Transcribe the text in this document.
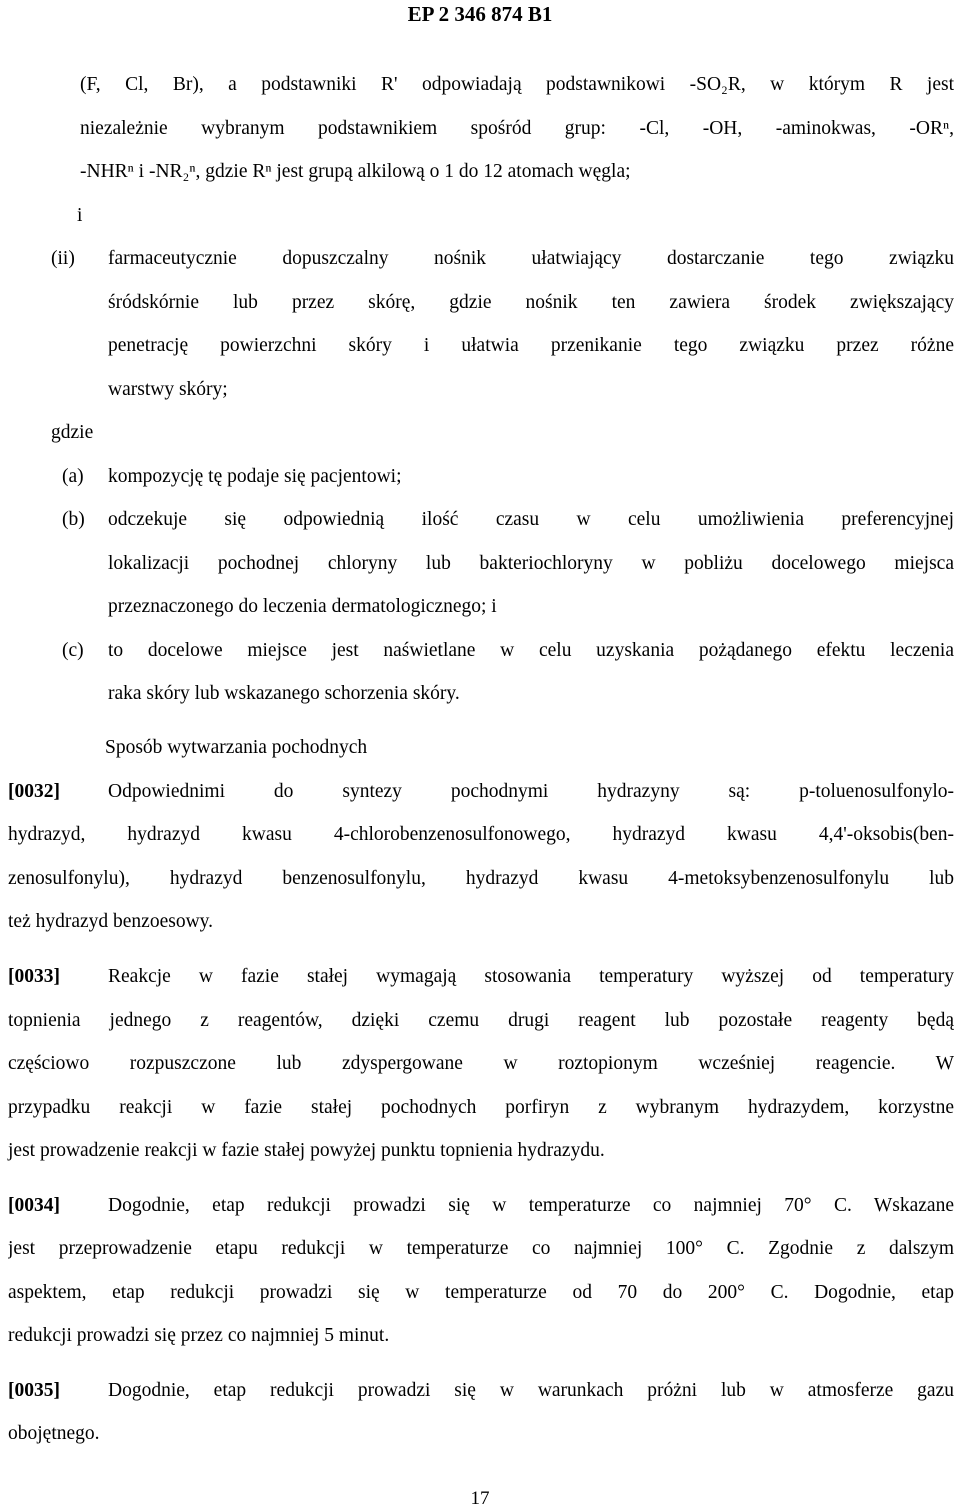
EP 2 346 874 B1
(F, Cl, Br), a podstawniki R' odpowiadają podstawnikowi -SO₂R, w którym R jest
niezależnie wybranym podstawnikiem spośród grup: -Cl, -OH, -aminokwas, -ORⁿ,
-NHRⁿ i -NR₂ⁿ, gdzie Rⁿ jest grupą alkilową o 1 do 12 atomach węgla;
i
(ii) farmaceutycznie dopuszczalny nośnik ułatwiający dostarczanie tego związku
śródskórnie lub przez skórę, gdzie nośnik ten zawiera środek zwiększający
penetrację powierzchni skóry i ułatwia przenikanie tego związku przez różne
warstwy skóry;
gdzie
(a) kompozycję tę podaje się pacjentowi;
(b) odczekuje się odpowiednią ilość czasu w celu umożliwienia preferencyjnej
lokalizacji pochodnej chloryny lub bakteriochloryny w pobliżu docelowego miejsca
przeznaczonego do leczenia dermatologicznego; i
(c) to docelowe miejsce jest naświetlane w celu uzyskania pożądanego efektu leczenia
raka skóry lub wskazanego schorzenia skóry.
Sposób wytwarzania pochodnych
[0032] Odpowiednimi do syntezy pochodnymi hydrazyny są: p-toluenosulfonylo-
hydrazyd, hydrazyd kwasu 4-chlorobenzenosulfonowego, hydrazyd kwasu 4,4'-oksobis(ben-
zenosulfonylu), hydrazyd benzenosulfonylu, hydrazyd kwasu 4-metoksybenzenosulfonylu lub
też hydrazyd benzoesowy.
[0033] Reakcje w fazie stałej wymagają stosowania temperatury wyższej od temperatury
topnienia jednego z reagentów, dzięki czemu drugi reagent lub pozostałe reagenty będą
częściowo rozpuszczone lub zdyspergowane w roztopionym wcześniej reagencie. W
przypadku reakcji w fazie stałej pochodnych porfiryn z wybranym hydrazydem, korzystne
jest prowadzenie reakcji w fazie stałej powyżej punktu topnienia hydrazydu.
[0034] Dogodnie, etap redukcji prowadzi się w temperaturze co najmniej 70° C. Wskazane
jest przeprowadzenie etapu redukcji w temperaturze co najmniej 100° C. Zgodnie z dalszym
aspektem, etap redukcji prowadzi się w temperaturze od 70 do 200° C. Dogodnie, etap
redukcji prowadzi się przez co najmniej 5 minut.
[0035] Dogodnie, etap redukcji prowadzi się w warunkach próżni lub w atmosferze gazu
obojętnego.
17
